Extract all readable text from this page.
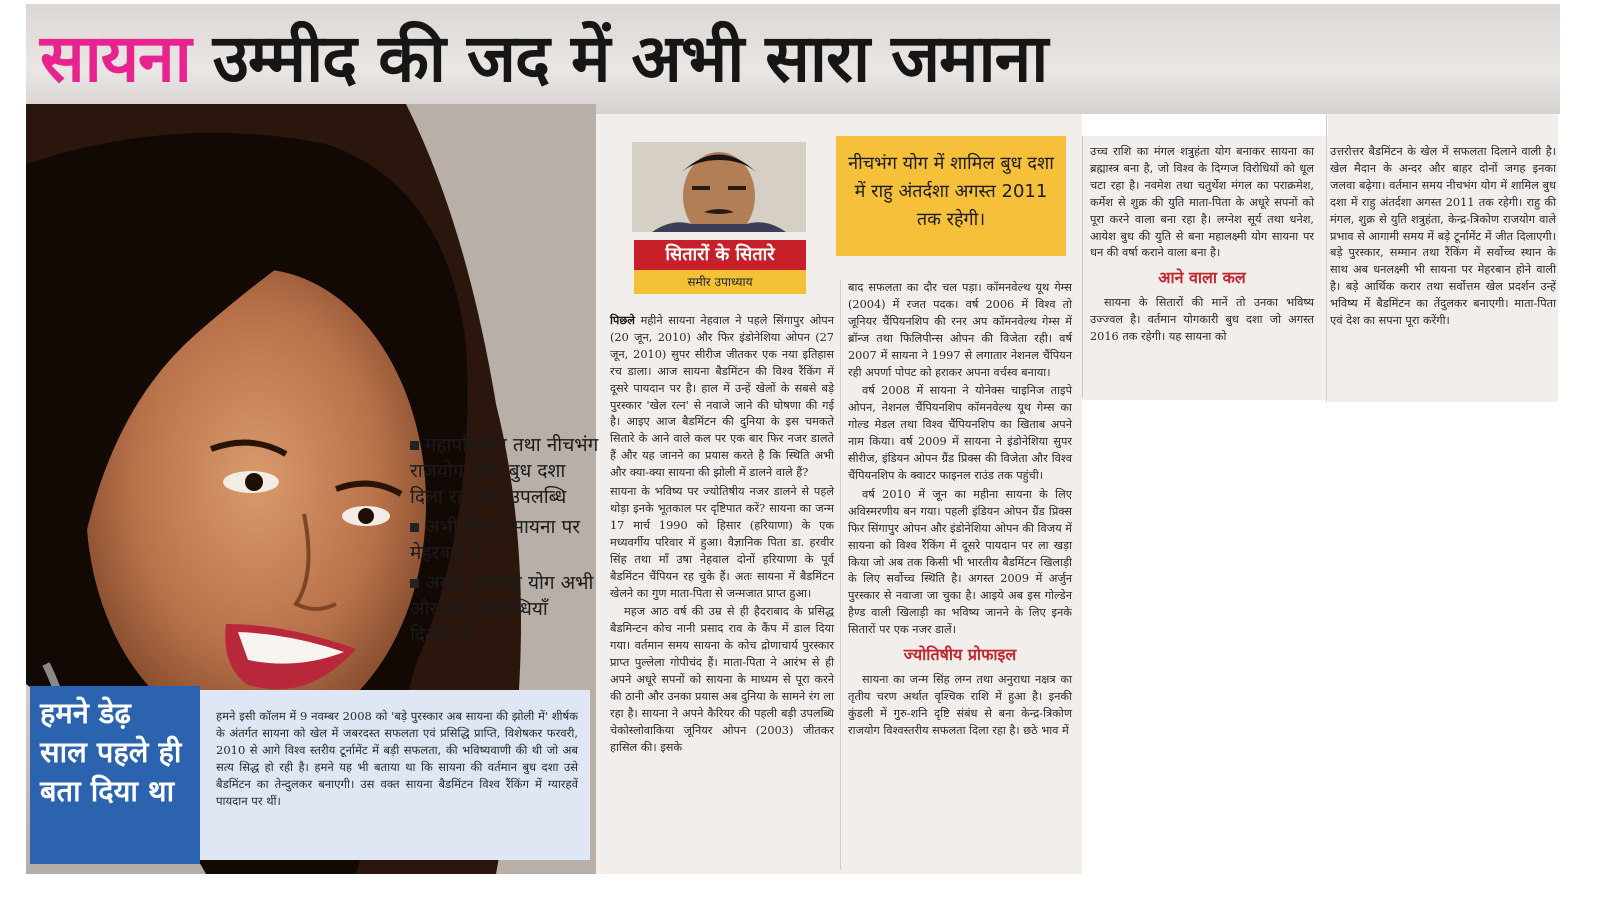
सायना उम्मीद की जद में अभी सारा जमाना
महापरिवर्तन तथा नीचभंग राजयोग वाली बुध दशा दिला रही बड़ी उपलब्धि
अभी सितारे सायना पर मेहरबान हैं
अखंड सामान्य योग अभी और बड़ी उपलब्धियाँ दिलाएगा
हमने डेढ़
साल पहले ही
बता दिया था
हमने इसी कॉलम में 9 नवम्बर 2008 को 'बड़े पुरस्कार अब सायना की झोली में' शीर्षक के अंतर्गत सायना को खेल में जबरदस्त सफलता एवं प्रसिद्धि प्राप्ति, विशेषकर फरवरी, 2010 से आगे विश्व स्तरीय टूर्नामेंट में बड़ी सफलता, की भविष्यवाणी की थी जो अब सत्य सिद्ध हो रही है। हमने यह भी बताया था कि सायना की वर्तमान बुध दशा उसे बैडमिंटन का तेन्दुलकर बनाएगी। उस वक्त सायना बैडमिंटन विश्व रैंकिंग में ग्यारहवें पायदान पर थीं।
सितारों के सितारे
समीर उपाध्याय
नीचभंग योग में शामिल बुध दशा में राहु अंतर्दशा अगस्त 2011 तक रहेगी।

पिछले महीने सायना नेहवाल ने पहले सिंगापुर ओपन (20 जून, 2010) और फिर इंडोनेशिया ओपन (27 जून, 2010) सुपर सीरीज जीतकर एक नया इतिहास रच डाला। आज सायना बैडमिंटन की विश्व रैंकिंग में दूसरे पायदान पर है। हाल में उन्हें खेलों के सबसे बड़े पुरस्कार 'खेल रत्न' से नवाजे जाने की घोषणा की गई है। आइए आज बैडमिंटन की दुनिया के इस चमकते सितारे के आने वाले कल पर एक बार फिर नजर डालते हैं और यह जानने का प्रयास करते है कि स्थिति अभी और क्या-क्या सायना की झोली में डालने वाले हैं?

सायना के भविष्य पर ज्योतिषीय नजर डालने से पहले थोड़ा इनके भूतकाल पर दृष्टिपात करें? सायना का जन्म 17 मार्च 1990 को हिसार (हरियाणा) के एक मध्यवर्गीय परिवार में हुआ। वैज्ञानिक पिता डा. हरवीर सिंह तथा माँ उषा नेहवाल दोनों हरियाणा के पूर्व बैडमिंटन चैंपियन रह चुके हैं। अतः सायना में बैडमिंटन खेलने का गुण माता-पिता से जन्मजात प्राप्त हुआ।

महज आठ वर्ष की उम्र से ही हैदराबाद के प्रसिद्ध बैडमिन्टन कोच नानी प्रसाद राव के कैंप में डाल दिया गया। वर्तमान समय सायना के कोच द्रोणाचार्य पुरस्कार प्राप्त पुल्लेला गोपीचंद हैं। माता-पिता ने आरंभ से ही अपने अधूरे सपनों को सायना के माध्यम से पूरा करने की ठानी और उनका प्रयास अब दुनिया के सामने रंग ला रहा है। सायना ने अपने कैरियर की पहली बड़ी उपलब्धि चेकोस्लोवाकिया जूनियर ओपन (2003) जीतकर हासिल की। इसके

बाद सफलता का दौर चल पड़ा। कॉमनवेल्थ यूथ गेम्स (2004) में रजत पदक। वर्ष 2006 में विश्व तो जूनियर चैंपियनशिप की रनर अप कॉमनवेल्थ गेम्स में ब्रॉन्ज तथा फिलिपीन्स ओपन की विजेता रही। वर्ष 2007 में सायना ने 1997 से लगातार नेशनल चैंपियन रही अपर्णा पोपट को हराकर अपना वर्चस्व बनाया।

वर्ष 2008 में सायना ने योनेक्स चाइनिज ताइपे ओपन, नेशनल चैंपियनशिप कॉमनवेल्थ यूथ गेम्स का गोल्ड मेडल तथा विश्व चैंपियनशिप का खिताब अपने नाम किया। वर्ष 2009 में सायना ने इंडोनेशिया सुपर सीरीज, इंडियन ओपन ग्रैंड प्रिक्स की विजेता और विश्व चैंपियनशिप के क्वाटर फाइनल राउंड तक पहुंची।

वर्ष 2010 में जून का महीना सायना के लिए अविस्मरणीय बन गया। पहली इंडियन ओपन ग्रैंड प्रिक्स फिर सिंगापुर ओपन और इंडोनेशिया ओपन की विजय में सायना को विश्व रैंकिंग में दूसरे पायदान पर ला खड़ा किया जो अब तक किसी भी भारतीय बैडमिंटन खिलाड़ी के लिए सर्वोच्च स्थिति है। अगस्त 2009 में अर्जुन पुरस्कार से नवाजा जा चुका है। आइये अब इस गोल्डेन हैण्ड वाली खिलाड़ी का भविष्य जानने के लिए इनके सितारों पर एक नजर डालें।

ज्योतिषीय प्रोफाइल

सायना का जन्म सिंह लग्न तथा अनुराधा नक्षत्र का तृतीय चरण अर्थात वृश्चिक राशि में हुआ है। इनकी कुंडली में गुरु-शनि दृष्टि संबंध से बना केन्द्र-त्रिकोण राजयोग विश्वस्तरीय सफलता दिला रहा है। छठे भाव में

उच्च राशि का मंगल शत्रुहंता योग बनाकर सायना का ब्रह्मास्त्र बना है, जो विश्व के दिग्गज विरोधियों को धूल चटा रहा है। नवमेश तथा चतुर्थेश मंगल का पराक्रमेश, कर्मेश से शुक्र की युति माता-पिता के अधूरे सपनों को पूरा करने वाला बना रहा है। लग्नेश सूर्य तथा धनेश, आयेश बुध की युति से बना महालक्ष्मी योग सायना पर धन की वर्षा कराने वाला बना है।

आने वाला कल

सायना के सितारों की मानें तो उनका भविष्य उज्ज्वल है। वर्तमान योगकारी बुध दशा जो अगस्त 2016 तक रहेगी। यह सायना को

उत्तरोत्तर बैडमिंटन के खेल में सफलता दिलाने वाली है। खेल मैदान के अन्दर और बाहर दोनों जगह इनका जलवा बढ़ेगा। वर्तमान समय नीचभंग योग में शामिल बुध दशा में राहु अंतर्दशा अगस्त 2011 तक रहेगी। राहु की मंगल, शुक्र से युति शत्रुहंता, केन्द्र-त्रिकोण राजयोग वाले प्रभाव से आगामी समय में बड़े टूर्नामेंट में जीत दिलाएगी। बड़े पुरस्कार, सम्मान तथा रैंकिंग में सर्वोच्च स्थान के साथ अब धनलक्ष्मी भी सायना पर मेहरबान होने वाली है। बड़े आर्थिक करार तथा सर्वोत्तम खेल प्रदर्शन उन्हें भविष्य में बैडमिंटन का तेंदुलकर बनाएगी। माता-पिता एवं देश का सपना पूरा करेंगी।
